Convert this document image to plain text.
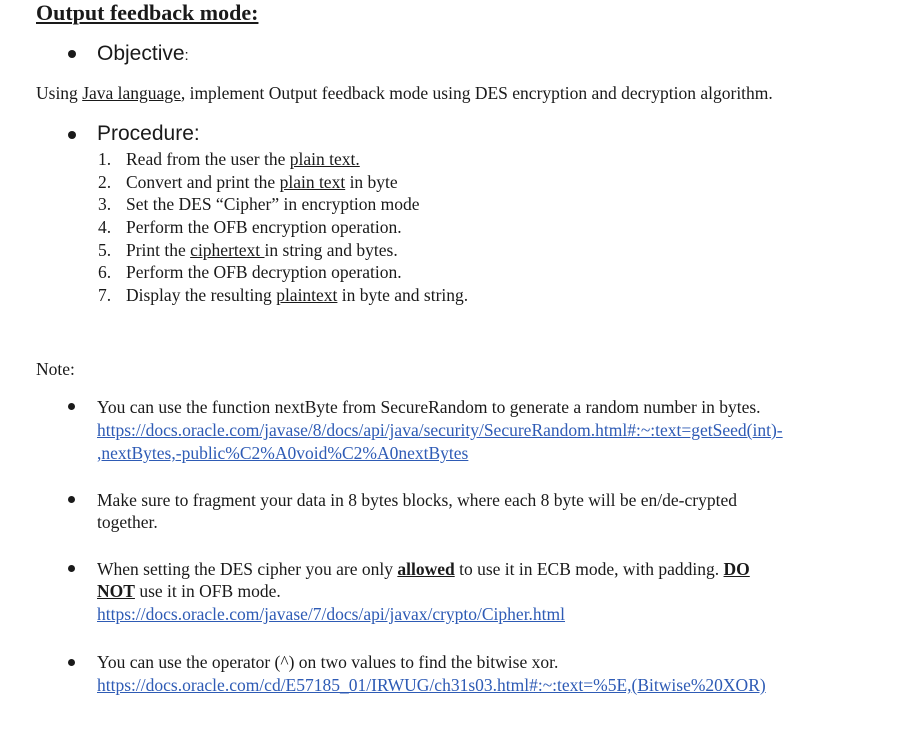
Output feedback mode:
Objective:
Using Java language, implement Output feedback mode using DES encryption and decryption algorithm.
Procedure:
1. Read from the user the plain text.
2. Convert and print the plain text in byte
3. Set the DES “Cipher” in encryption mode
4. Perform the OFB encryption operation.
5. Print the ciphertext in string and bytes.
6. Perform the OFB decryption operation.
7. Display the resulting plaintext in byte and string.
Note:
You can use the function nextByte from SecureRandom to generate a random number in bytes.
https://docs.oracle.com/javase/8/docs/api/java/security/SecureRandom.html#:~:text=getSeed(int)-
,nextBytes,-public%C2%A0void%C2%A0nextBytes
Make sure to fragment your data in 8 bytes blocks, where each 8 byte will be en/de-crypted
together.
When setting the DES cipher you are only allowed to use it in ECB mode, with padding. DO
NOT use it in OFB mode.
https://docs.oracle.com/javase/7/docs/api/javax/crypto/Cipher.html
You can use the operator (^) on two values to find the bitwise xor.
https://docs.oracle.com/cd/E57185_01/IRWUG/ch31s03.html#:~:text=%5E,(Bitwise%20XOR)
